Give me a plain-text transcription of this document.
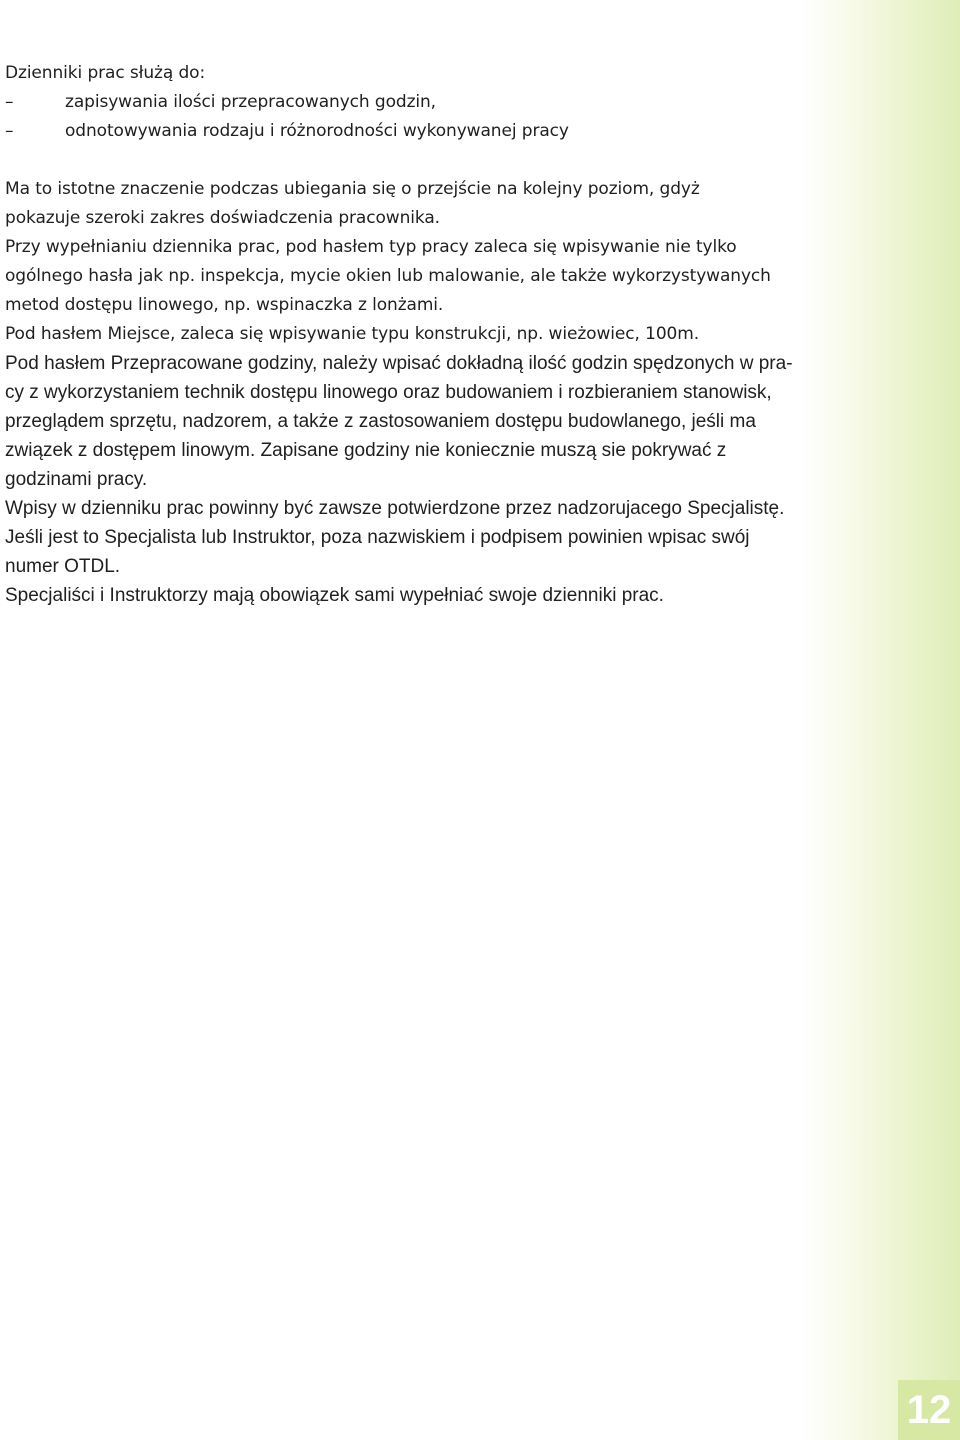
Dzienniki prac służą do:
–	zapisywania ilości przepracowanych godzin,
–	odnotowywania rodzaju i różnorodności wykonywanej pracy
Ma to istotne znaczenie podczas ubiegania się o przejście na kolejny poziom, gdyż
pokazuje szeroki zakres doświadczenia pracownika.
Przy wypełnianiu dziennika prac, pod hasłem typ pracy zaleca się wpisywanie nie tylko
ogólnego hasła jak np. inspekcja, mycie okien lub malowanie, ale także wykorzystywanych
metod dostępu linowego, np. wspinaczka z lonżami.
Pod hasłem Miejsce, zaleca się wpisywanie typu konstrukcji, np. wieżowiec, 100m.
Pod hasłem Przepracowane godziny, należy wpisać dokładną ilość godzin spędzonych w pra-
cy z wykorzystaniem technik dostępu linowego oraz budowaniem i rozbieraniem stanowisk,
przeglądem sprzętu, nadzorem, a także z zastosowaniem dostępu budowlanego, jeśli ma
związek z dostępem linowym. Zapisane godziny nie koniecznie muszą sie pokrywać z
godzinami pracy.
Wpisy w dzienniku prac powinny być zawsze potwierdzone przez nadzorujacego Specjalistę.
Jeśli jest to Specjalista lub Instruktor, poza nazwiskiem i podpisem powinien wpisac swój
numer OTDL.
Specjaliści i Instruktorzy mają obowiązek sami wypełniać swoje dzienniki prac.
12
